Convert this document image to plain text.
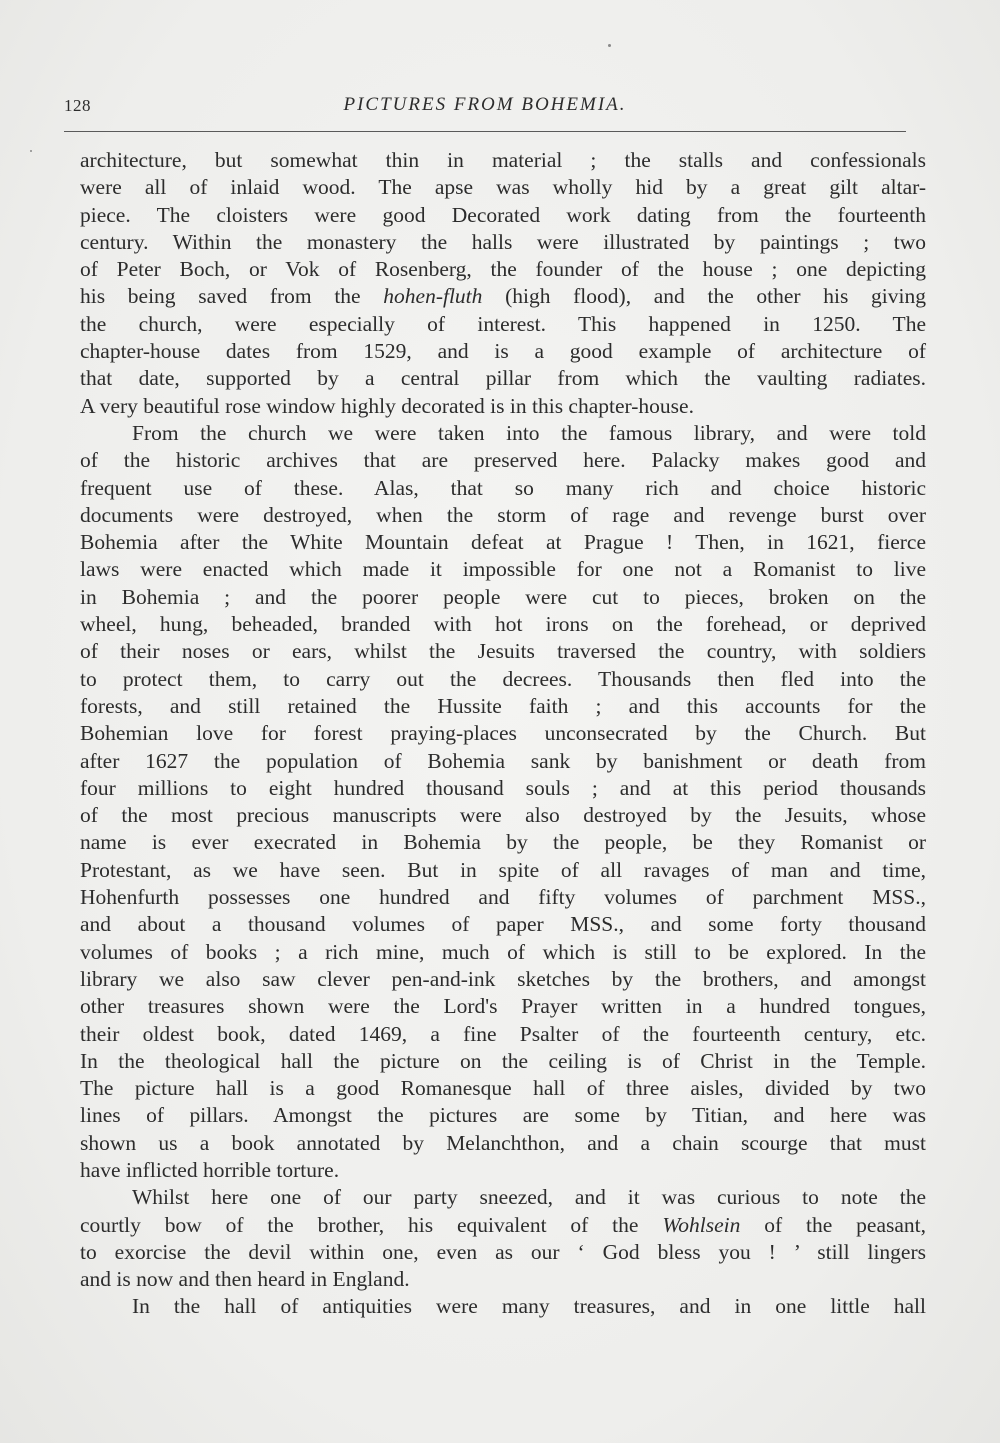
128	PICTURES FROM BOHEMIA.
architecture, but somewhat thin in material ; the stalls and confessionals
were all of inlaid wood. The apse was wholly hid by a great gilt altar-
piece. The cloisters were good Decorated work dating from the fourteenth
century. Within the monastery the halls were illustrated by paintings ; two
of Peter Boch, or Vok of Rosenberg, the founder of the house ; one depicting
his being saved from the hohen-fluth (high flood), and the other his giving
the church, were especially of interest. This happened in 1250. The
chapter-house dates from 1529, and is a good example of architecture of
that date, supported by a central pillar from which the vaulting radiates.
A very beautiful rose window highly decorated is in this chapter-house.
From the church we were taken into the famous library, and were told
of the historic archives that are preserved here. Palacky makes good and
frequent use of these. Alas, that so many rich and choice historic
documents were destroyed, when the storm of rage and revenge burst over
Bohemia after the White Mountain defeat at Prague ! Then, in 1621, fierce
laws were enacted which made it impossible for one not a Romanist to live
in Bohemia ; and the poorer people were cut to pieces, broken on the
wheel, hung, beheaded, branded with hot irons on the forehead, or deprived
of their noses or ears, whilst the Jesuits traversed the country, with soldiers
to protect them, to carry out the decrees. Thousands then fled into the
forests, and still retained the Hussite faith ; and this accounts for the
Bohemian love for forest praying-places unconsecrated by the Church. But
after 1627 the population of Bohemia sank by banishment or death from
four millions to eight hundred thousand souls ; and at this period thousands
of the most precious manuscripts were also destroyed by the Jesuits, whose
name is ever execrated in Bohemia by the people, be they Romanist or
Protestant, as we have seen. But in spite of all ravages of man and time,
Hohenfurth possesses one hundred and fifty volumes of parchment MSS.,
and about a thousand volumes of paper MSS., and some forty thousand
volumes of books ; a rich mine, much of which is still to be explored. In the
library we also saw clever pen-and-ink sketches by the brothers, and amongst
other treasures shown were the Lord's Prayer written in a hundred tongues,
their oldest book, dated 1469, a fine Psalter of the fourteenth century, etc.
In the theological hall the picture on the ceiling is of Christ in the Temple.
The picture hall is a good Romanesque hall of three aisles, divided by two
lines of pillars. Amongst the pictures are some by Titian, and here was
shown us a book annotated by Melanchthon, and a chain scourge that must
have inflicted horrible torture.
Whilst here one of our party sneezed, and it was curious to note the
courtly bow of the brother, his equivalent of the Wohlsein of the peasant,
to exorcise the devil within one, even as our ‘ God bless you ! ’ still lingers
and is now and then heard in England.
In the hall of antiquities were many treasures, and in one little hall
